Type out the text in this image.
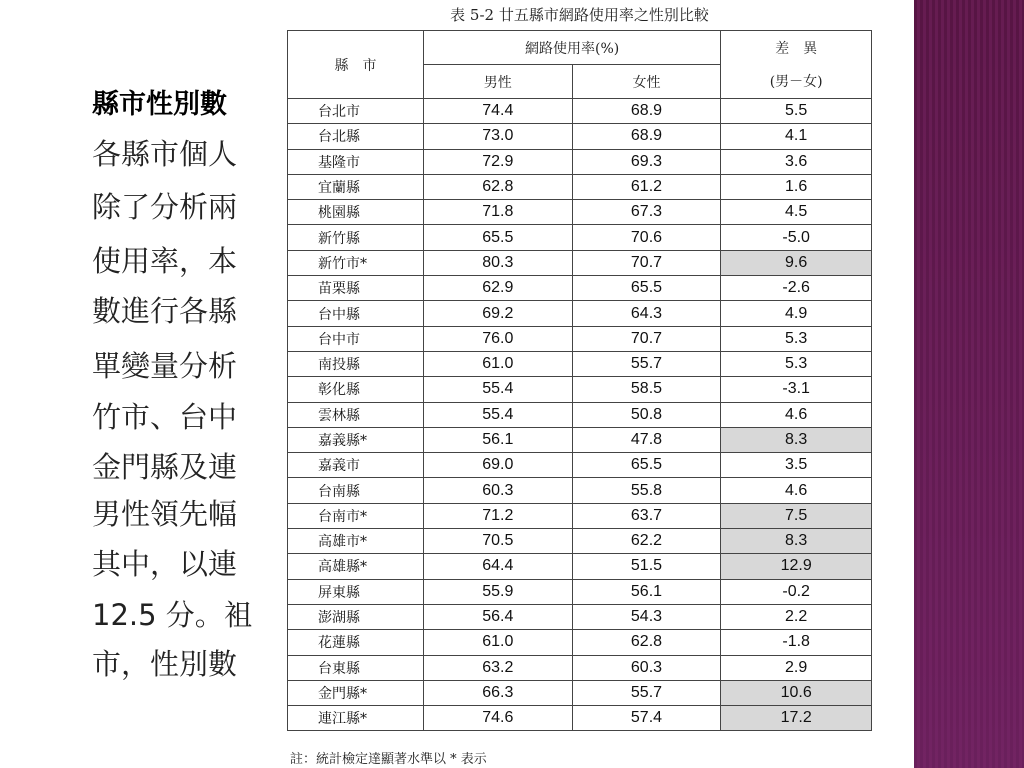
縣市性別數
各縣市個人
除了分析兩
使用率，本
數進行各縣
單變量分析
竹市、台中
金門縣及連
男性領先幅
其中，以連
12.5 分。袓
市，性別數
表 5-2 廿五縣市網路使用率之性別比較
縣　市	網路使用率(%)		差　異
	男性	女性	(男－女)
台北市	74.4	68.9	5.5
台北縣	73.0	68.9	4.1
基隆市	72.9	69.3	3.6
宜蘭縣	62.8	61.2	1.6
桃園縣	71.8	67.3	4.5
新竹縣	65.5	70.6	-5.0
新竹市*	80.3	70.7	9.6
苗栗縣	62.9	65.5	-2.6
台中縣	69.2	64.3	4.9
台中市	76.0	70.7	5.3
南投縣	61.0	55.7	5.3
彰化縣	55.4	58.5	-3.1
雲林縣	55.4	50.8	4.6
嘉義縣*	56.1	47.8	8.3
嘉義市	69.0	65.5	3.5
台南縣	60.3	55.8	4.6
台南市*	71.2	63.7	7.5
高雄市*	70.5	62.2	8.3
高雄縣*	64.4	51.5	12.9
屏東縣	55.9	56.1	-0.2
澎湖縣	56.4	54.3	2.2
花蓮縣	61.0	62.8	-1.8
台東縣	63.2	60.3	2.9
金門縣*	66.3	55.7	10.6
連江縣*	74.6	57.4	17.2
註：統計檢定達顯著水準以 * 表示
